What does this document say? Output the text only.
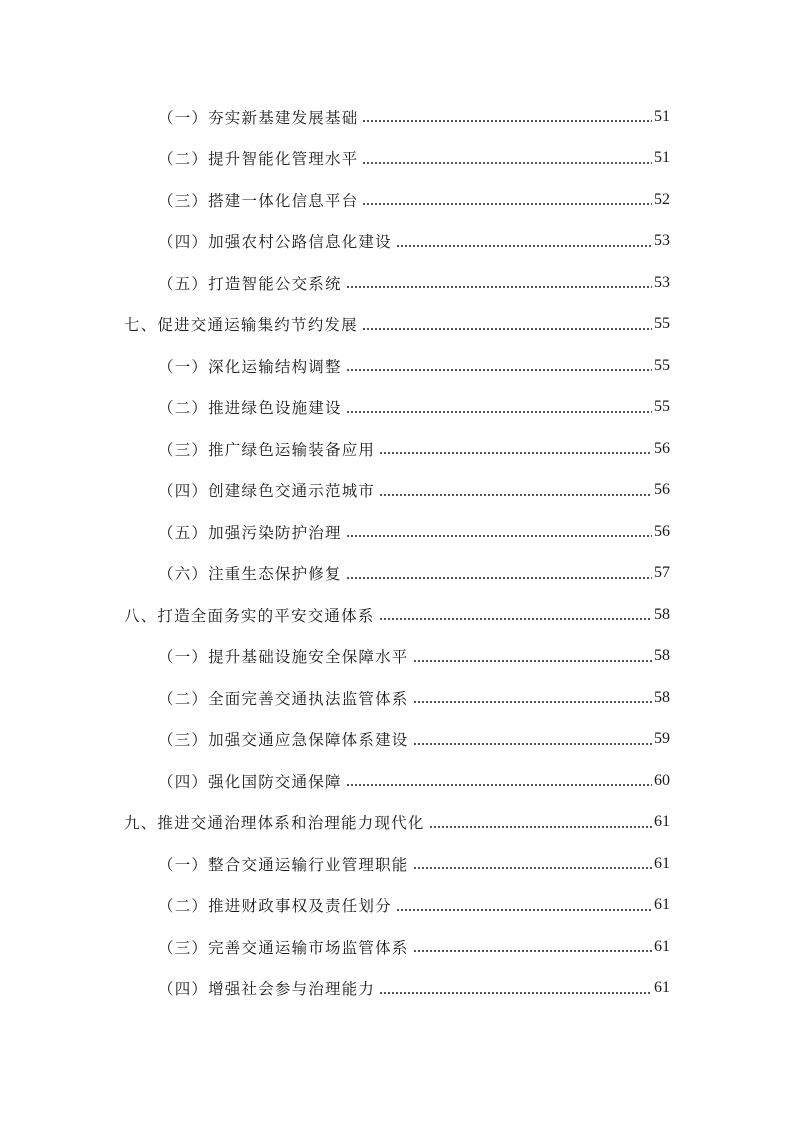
（一）夯实新基建发展基础	51
（二）提升智能化管理水平	51
（三）搭建一体化信息平台	52
（四）加强农村公路信息化建设	53
（五）打造智能公交系统	53
七、促进交通运输集约节约发展	55
（一）深化运输结构调整	55
（二）推进绿色设施建设	55
（三）推广绿色运输装备应用	56
（四）创建绿色交通示范城市	56
（五）加强污染防护治理	56
（六）注重生态保护修复	57
八、打造全面务实的平安交通体系	58
（一）提升基础设施安全保障水平	58
（二）全面完善交通执法监管体系	58
（三）加强交通应急保障体系建设	59
（四）强化国防交通保障	60
九、推进交通治理体系和治理能力现代化	61
（一）整合交通运输行业管理职能	61
（二）推进财政事权及责任划分	61
（三）完善交通运输市场监管体系	61
（四）增强社会参与治理能力	61
